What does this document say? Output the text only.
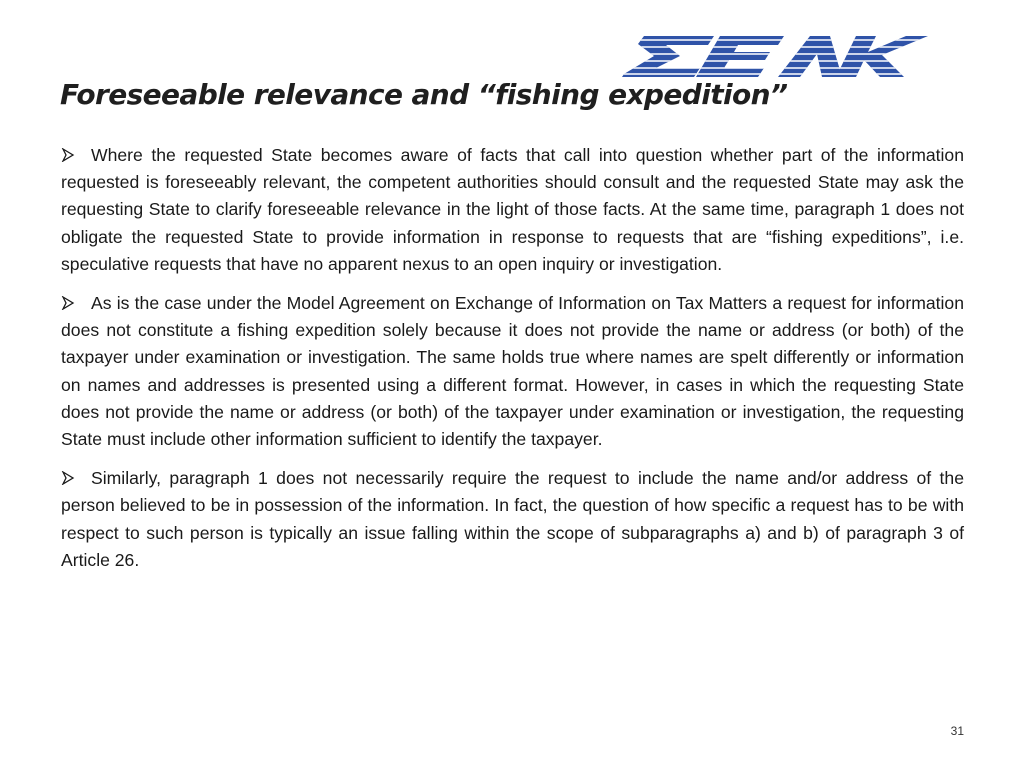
Foreseeable relevance and “fishing expedition”

Where the requested State becomes aware of facts that call into question whether part of the information requested is foreseeably relevant, the competent authorities should consult and the requested State may ask the requesting State to clarify foreseeable relevance in the light of those facts. At the same time, paragraph 1 does not obligate the requested State to provide information in response to requests that are “fishing expeditions”, i.e. speculative requests that have no apparent nexus to an open inquiry or investigation.

As is the case under the Model Agreement on Exchange of Information on Tax Matters a request for information does not constitute a fishing expedition solely because it does not provide the name or address (or both) of the taxpayer under examination or investigation. The same holds true where names are spelt differently or information on names and addresses is presented using a different format. However, in cases in which the requesting State does not provide the name or address (or both) of the taxpayer under examination or investigation, the requesting State must include other information sufficient to identify the taxpayer.

Similarly, paragraph 1 does not necessarily require the request to include the name and/or address of the person believed to be in possession of the information. In fact, the question of how specific a request has to be with respect to such person is typically an issue falling within the scope of subparagraphs a) and b) of paragraph 3 of Article 26.

31
